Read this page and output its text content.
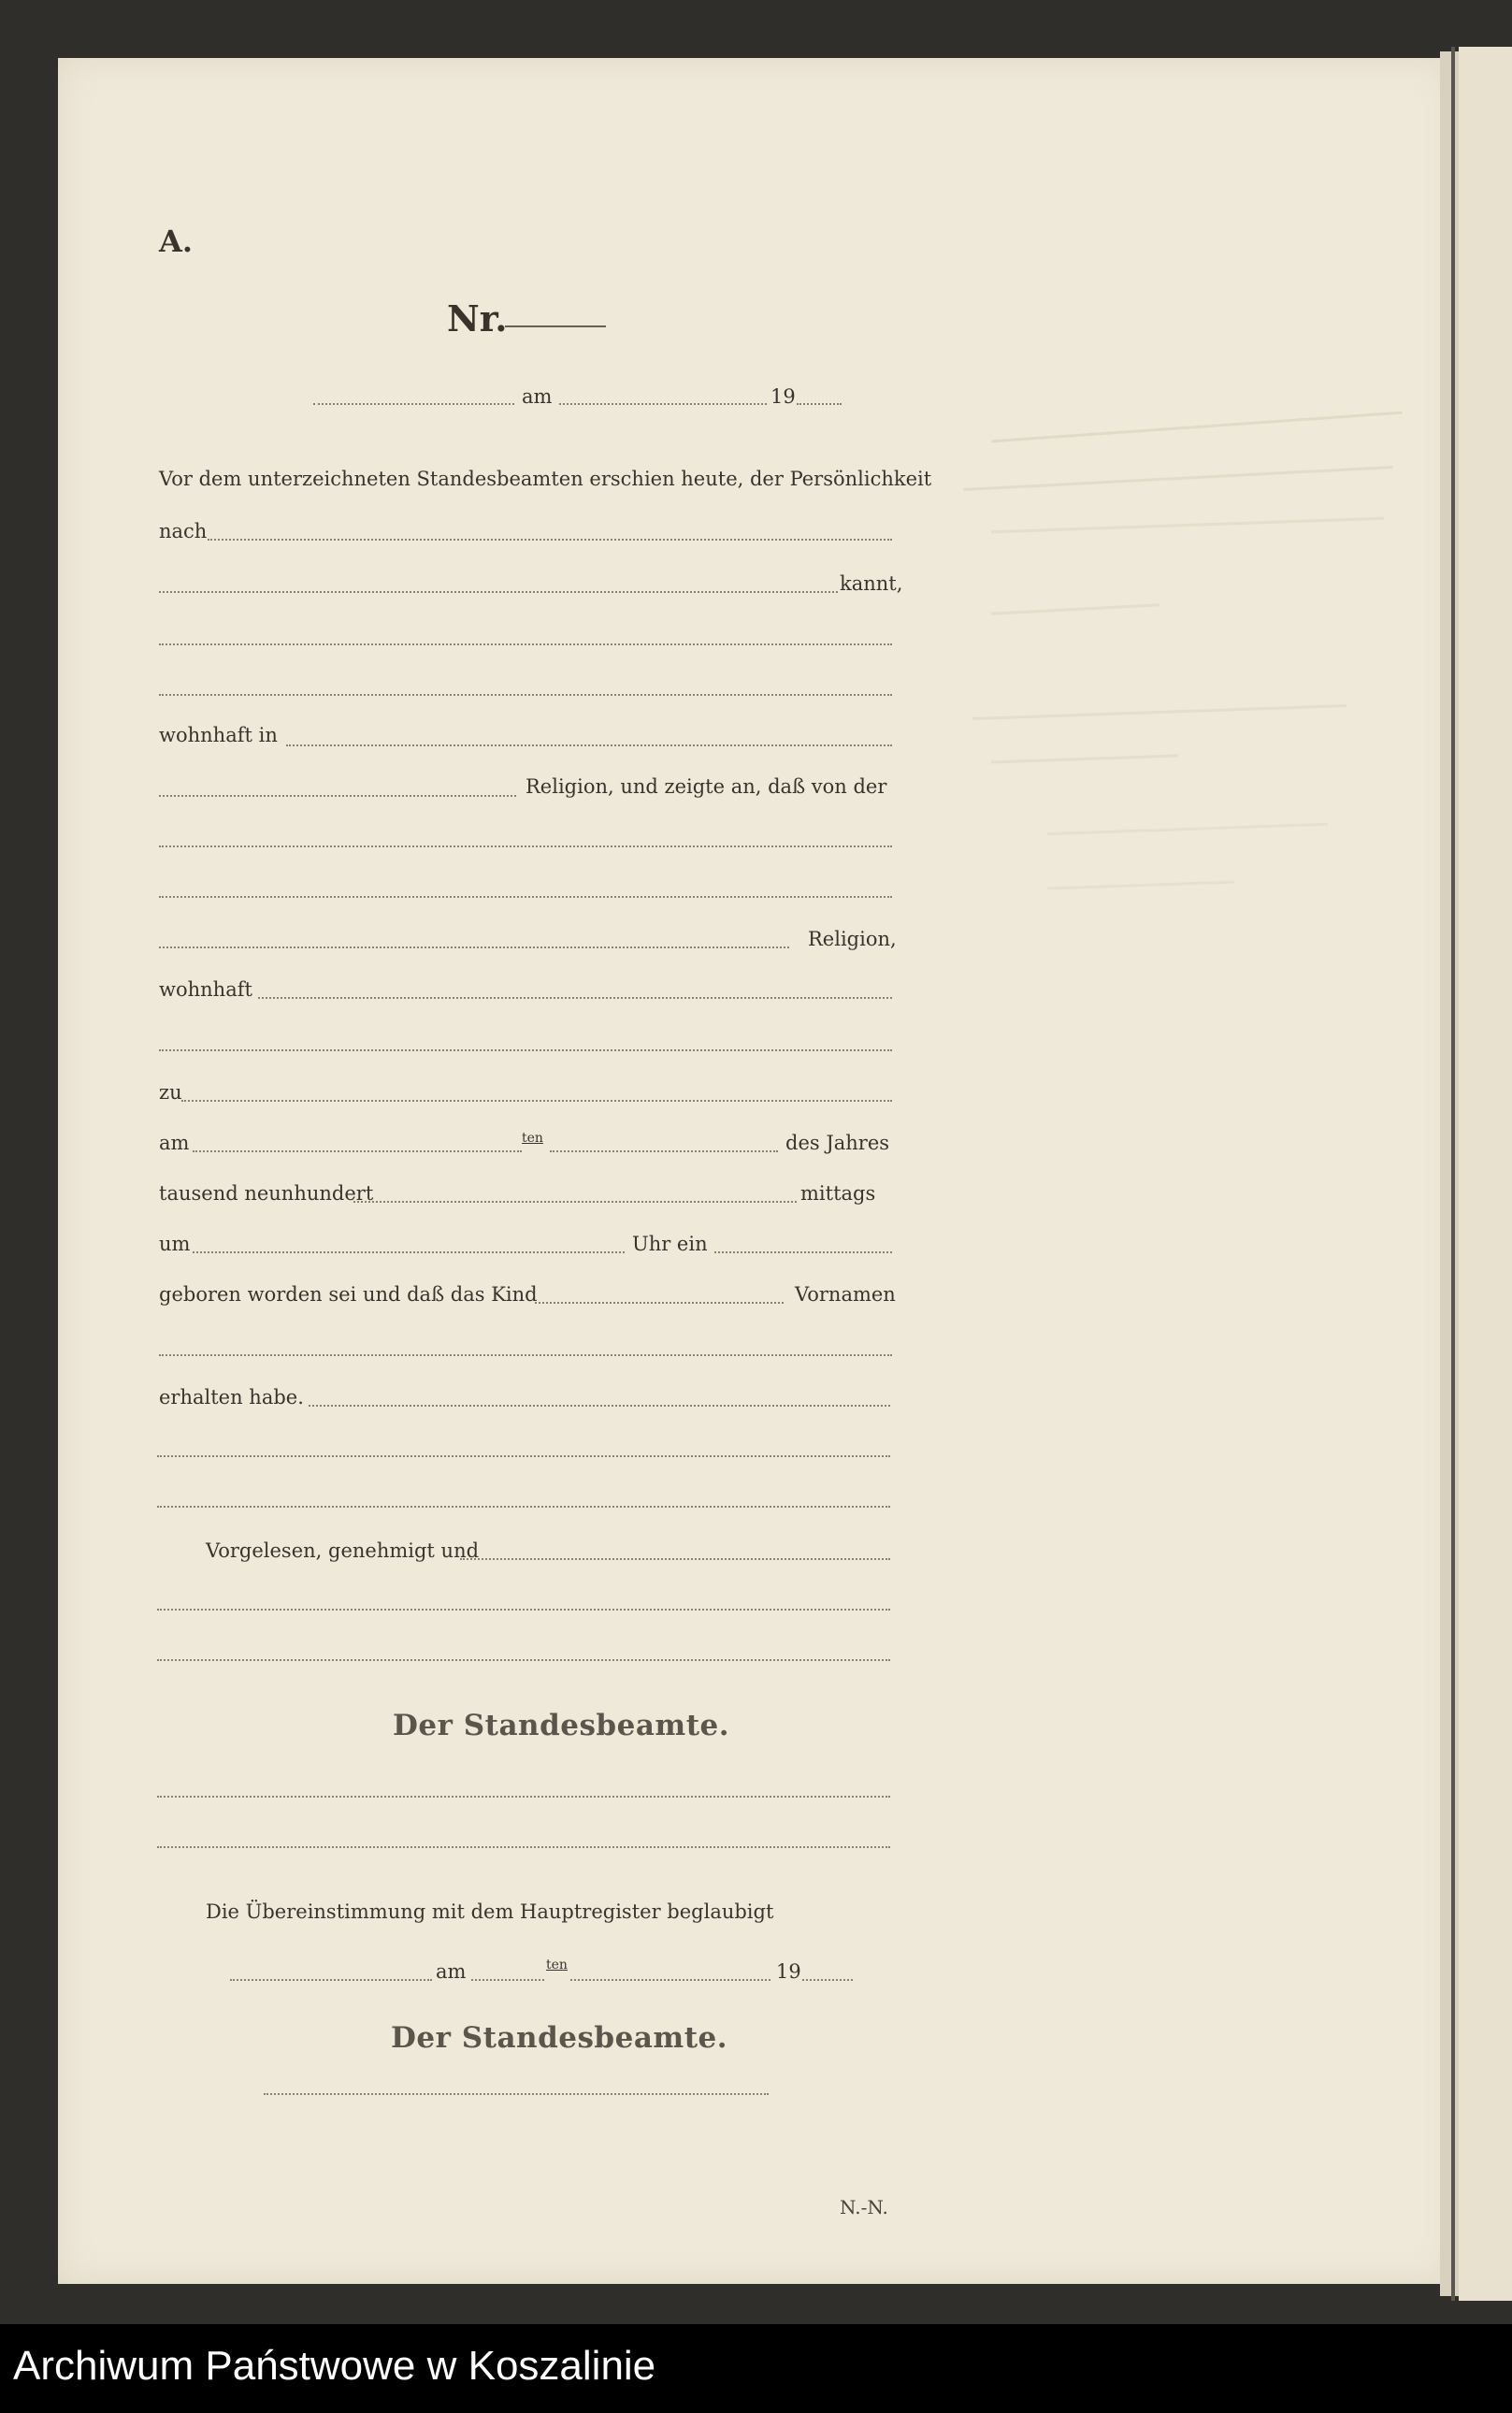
A.
Nr.
am	19
Vor dem unterzeichneten Standesbeamten erschien heute, der Persönlichkeit
nach
kannt,
wohnhaft in
Religion, und zeigte an, daß von der
Religion,
wohnhaft
zu
am	ten	des Jahres
tausend neunhundert	mittags
um	Uhr ein
geboren worden sei und daß das Kind	Vornamen
erhalten habe.
Vorgelesen, genehmigt und
Der Standesbeamte.
Die Übereinstimmung mit dem Hauptregister beglaubigt
am	ten	19
Der Standesbeamte.
N.-N.
Archiwum Państwowe w Koszalinie
